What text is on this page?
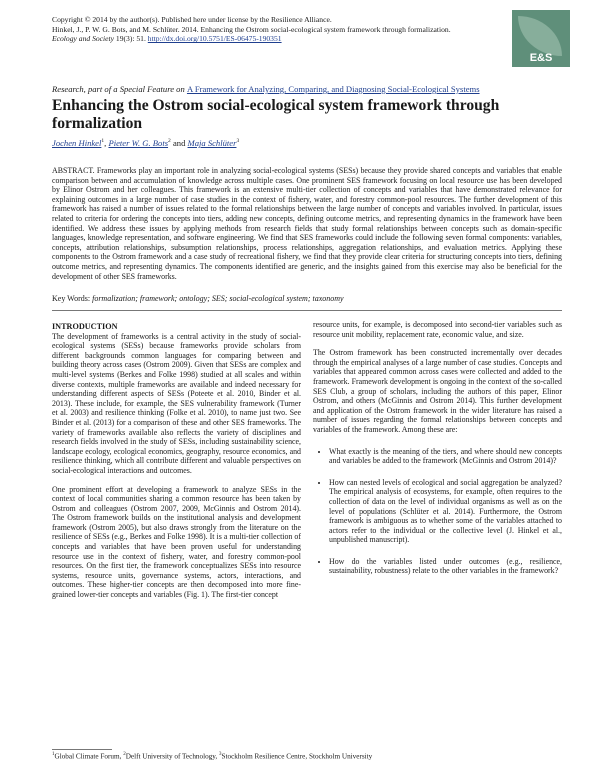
Copyright © 2014 by the author(s). Published here under license by the Resilience Alliance.
Hinkel, J., P. W. G. Bots, and M. Schlüter. 2014. Enhancing the Ostrom social-ecological system framework through formalization.
Ecology and Society 19(3): 51. http://dx.doi.org/10.5751/ES-06475-190351
E&S
Research, part of a Special Feature on A Framework for Analyzing, Comparing, and Diagnosing Social-Ecological Systems
Enhancing the Ostrom social-ecological system framework through formalization
Jochen Hinkel$^1$, Pieter W. G. Bots$^2$ and Maja Schlüter$^3$
ABSTRACT. Frameworks play an important role in analyzing social-ecological systems (SESs) because they provide shared concepts and variables that enable comparison between and accumulation of knowledge across multiple cases. One prominent SES framework focusing on local resource use has been developed by Elinor Ostrom and her colleagues. This framework is an extensive multi-tier collection of concepts and variables that have demonstrated relevance for explaining outcomes in a large number of case studies in the context of fishery, water, and forestry common-pool resources. The further development of this framework has raised a number of issues related to the formal relationships between the large number of concepts and variables involved. In particular, issues related to criteria for ordering the concepts into tiers, adding new concepts, defining outcome metrics, and representing dynamics in the framework have been identified. We address these issues by applying methods from research fields that study formal relationships between concepts such as domain-specific languages, knowledge representation, and software engineering. We find that SES frameworks could include the following seven formal components: variables, concepts, attribution relationships, subsumption relationships, process relationships, aggregation relationships, and evaluation metrics. Applying these components to the Ostrom framework and a case study of recreational fishery, we find that they provide clear criteria for structuring concepts into tiers, defining outcome metrics, and representing dynamics. The components identified are generic, and the insights gained from this exercise may also be beneficial for the development of other SES frameworks.
Key Words: formalization; framework; ontology; SES; social-ecological system; taxonomy
INTRODUCTION

The development of frameworks is a central activity in the study of social-ecological systems (SESs) because frameworks provide scholars from different backgrounds common languages for comparing between and building theory across cases (Ostrom 2009). Given that SESs are complex and multi-level systems (Berkes and Folke 1998) studied at all scales and within diverse contexts, multiple frameworks are available and indeed necessary for understanding different aspects of SESs (Poteete et al. 2010, Binder et al. 2013). These include, for example, the SES vulnerability framework (Turner et al. 2003) and resilience thinking (Folke et al. 2010), to name just two. See Binder et al. (2013) for a comparison of these and other SES frameworks. The variety of frameworks available also reflects the variety of disciplines and research fields involved in the study of SESs, including sustainability science, landscape ecology, ecological economics, geography, resource economics, and resilience thinking, which all contribute different and valuable perspectives on social-ecological interactions and outcomes.

One prominent effort at developing a framework to analyze SESs in the context of local communities sharing a common resource has been taken by Ostrom and colleagues (Ostrom 2007, 2009, McGinnis and Ostrom 2014). The Ostrom framework builds on the institutional analysis and development framework (Ostrom 2005), but also draws strongly from the literature on the resilience of SESs (e.g., Berkes and Folke 1998). It is a multi-tier collection of concepts and variables that have been proven useful for understanding resource use in the context of fishery, water, and forestry common-pool resources. On the first tier, the framework conceptualizes SESs into resource systems, resource units, governance systems, actors, interactions, and outcomes. These higher-tier concepts are then decomposed into more fine-grained lower-tier concepts and variables (Fig. 1). The first-tier concept

resource units, for example, is decomposed into second-tier variables such as resource unit mobility, replacement rate, economic value, and size.

The Ostrom framework has been constructed incrementally over decades through the empirical analyses of a large number of case studies. Concepts and variables that appeared common across cases were collected and added to the framework. Framework development is ongoing in the context of the so-called SES Club, a group of scholars, including the authors of this paper, Elinor Ostrom, and others (McGinnis and Ostrom 2014). This further development and application of the Ostrom framework in the wider literature has raised a number of issues regarding the formal relationships between concepts and variables of the framework. Among these are:

• What exactly is the meaning of the tiers, and where should new concepts and variables be added to the framework (McGinnis and Ostrom 2014)?
• How can nested levels of ecological and social aggregation be analyzed? The empirical analysis of ecosystems, for example, often requires to the collection of data on the level of individual organisms as well as on the level of populations (Schlüter et al. 2014). Furthermore, the Ostrom framework is ambiguous as to whether some of the variables attached to actors refer to the individual or the collective level (J. Hinkel et al., unpublished manuscript).
• How do the variables listed under outcomes (e.g., resilience, sustainability, robustness) relate to the other variables in the framework?
$^1$Global Climate Forum, $^2$Delft University of Technology, $^3$Stockholm Resilience Centre, Stockholm University
